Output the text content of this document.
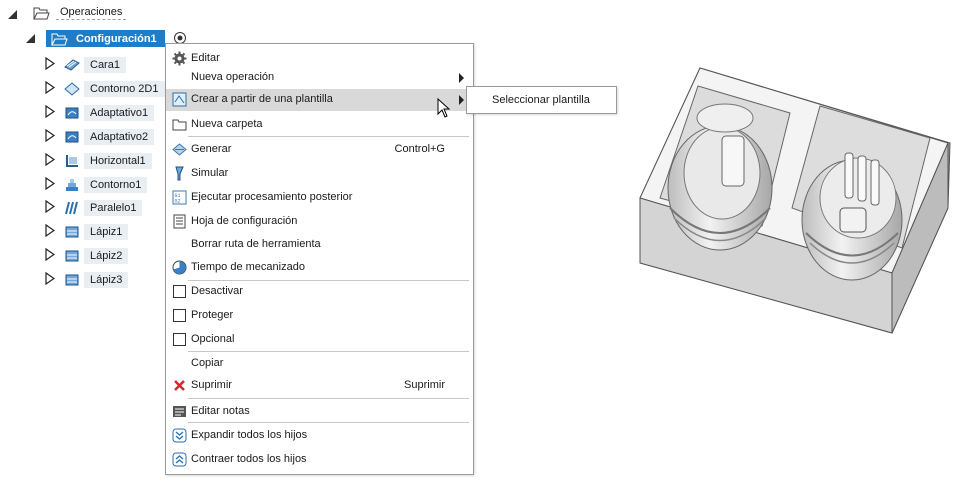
Operaciones
Configuración1
Cara1
Contorno 2D1
Adaptativo1
Adaptativo2
Horizontal1
Contorno1
Paralelo1
Lápiz1
Lápiz2
Lápiz3
Editar
Nueva operación
Crear a partir de una plantilla
Nueva carpeta
Generar	Control+G
Simular
G1
G2 Ejecutar procesamiento posterior
Hoja de configuración
Borrar ruta de herramienta
Tiempo de mecanizado
Desactivar
Proteger
Opcional
Copiar
Suprimir	Suprimir
Editar notas
Expandir todos los hijos
Contraer todos los hijos
Seleccionar plantilla
